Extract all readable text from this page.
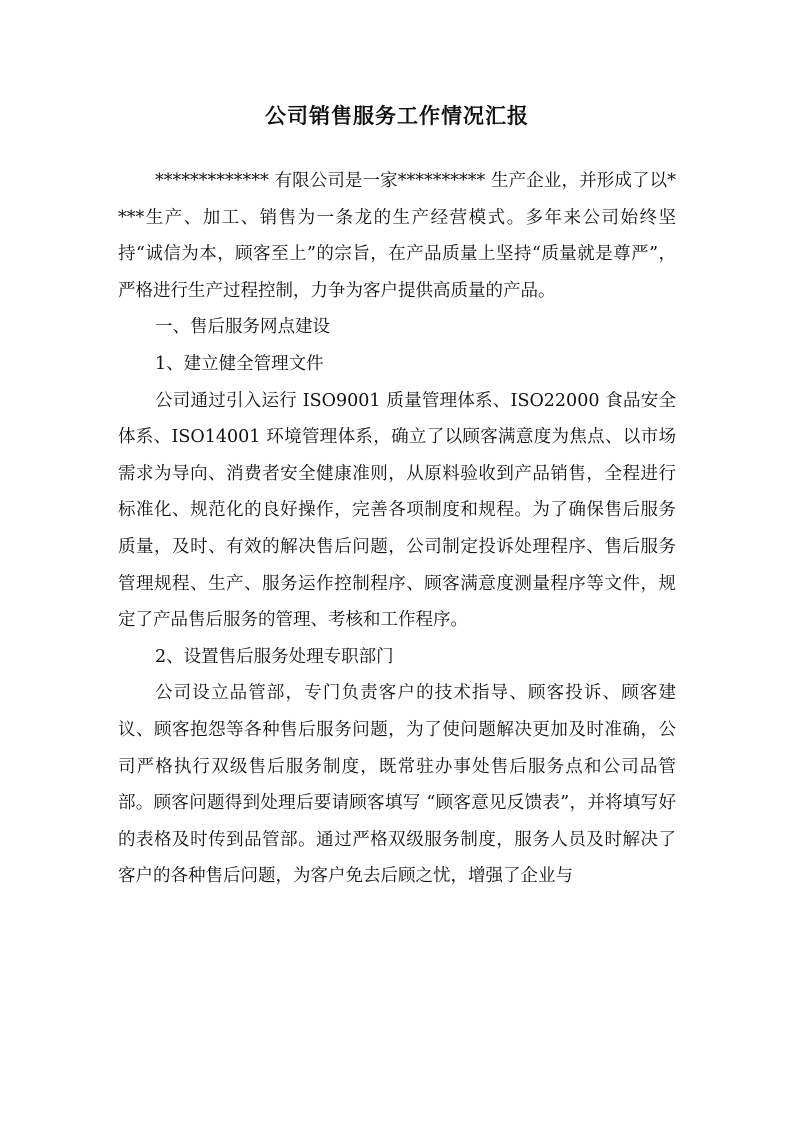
公司销售服务工作情况汇报

************* 有限公司是一家********** 生产企业，并形成了以****生产、加工、销售为一条龙的生产经营模式。多年来公司始终坚持“诚信为本，顾客至上”的宗旨，在产品质量上坚持“质量就是尊严”，严格进行生产过程控制，力争为客户提供高质量的产品。

一、售后服务网点建设

1、建立健全管理文件

公司通过引入运行 ISO9001 质量管理体系、ISO22000 食品安全体系、ISO14001 环境管理体系，确立了以顾客满意度为焦点、以市场需求为导向、消费者安全健康准则，从原料验收到产品销售，全程进行标准化、规范化的良好操作，完善各项制度和规程。为了确保售后服务质量，及时、有效的解决售后问题，公司制定投诉处理程序、售后服务管理规程、生产、服务运作控制程序、顾客满意度测量程序等文件，规定了产品售后服务的管理、考核和工作程序。

2、设置售后服务处理专职部门

公司设立品管部，专门负责客户的技术指导、顾客投诉、顾客建议、顾客抱怨等各种售后服务问题，为了使问题解决更加及时准确，公司严格执行双级售后服务制度，既常驻办事处售后服务点和公司品管部。顾客问题得到处理后要请顾客填写 “顾客意见反馈表”，并将填写好的表格及时传到品管部。通过严格双级服务制度，服务人员及时解决了客户的各种售后问题，为客户免去后顾之忧，增强了企业与
